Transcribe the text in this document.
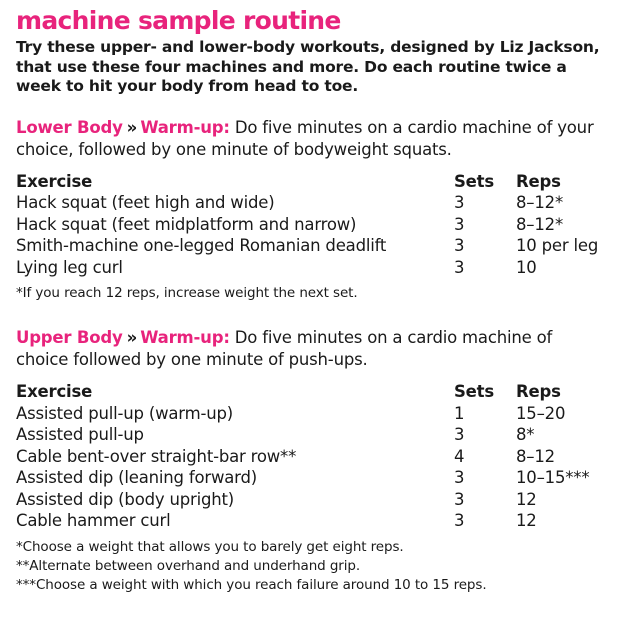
machine sample routine

Try these upper- and lower-body workouts, designed by Liz Jackson, that use these four machines and more. Do each routine twice a week to hit your body from head to toe.

Lower Body » Warm-up: Do five minutes on a cardio machine of your choice, followed by one minute of bodyweight squats.
Exercise	Sets	Reps
Hack squat (feet high and wide)	3	8–12*
Hack squat (feet midplatform and narrow)	3	8–12*
Smith-machine one-legged Romanian deadlift	3	10 per leg
Lying leg curl	3	10
*If you reach 12 reps, increase weight the next set.
Upper Body » Warm-up: Do five minutes on a cardio machine of choice followed by one minute of push-ups.
Exercise	Sets	Reps
Assisted pull-up (warm-up)	1	15–20
Assisted pull-up	3	8*
Cable bent-over straight-bar row**	4	8–12
Assisted dip (leaning forward)	3	10–15***
Assisted dip (body upright)	3	12
Cable hammer curl	3	12
*Choose a weight that allows you to barely get eight reps.
**Alternate between overhand and underhand grip.
***Choose a weight with which you reach failure around 10 to 15 reps.
